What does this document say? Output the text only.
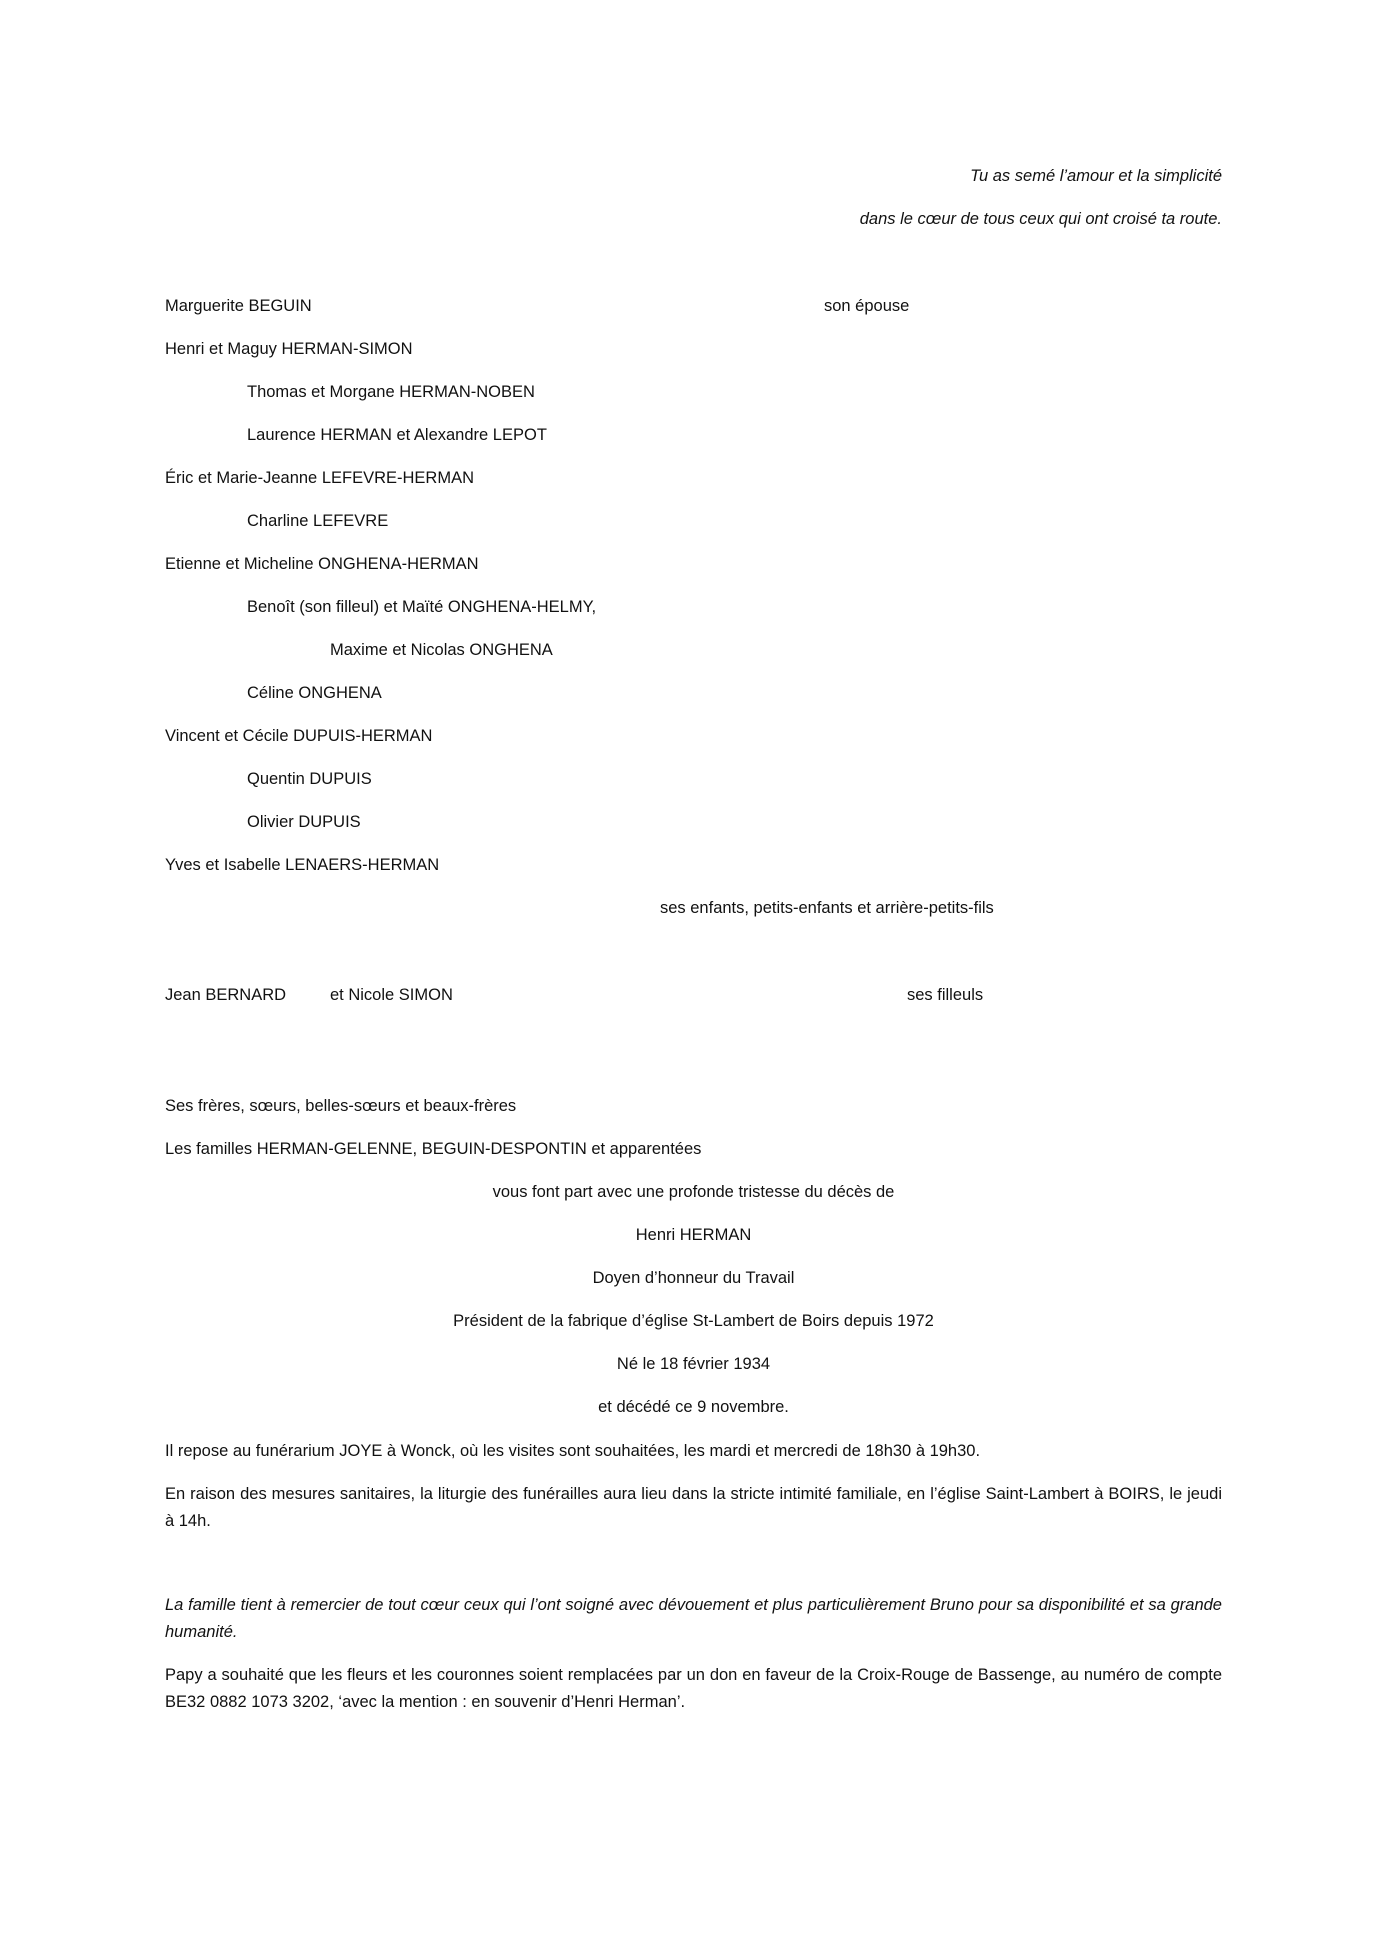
Tu as semé l’amour et la simplicité
dans le cœur de tous ceux qui ont croisé ta route.
Marguerite BEGUIN	son épouse
Henri et Maguy HERMAN-SIMON
Thomas et Morgane HERMAN-NOBEN
Laurence HERMAN et Alexandre LEPOT
Éric et Marie-Jeanne LEFEVRE-HERMAN
Charline LEFEVRE
Etienne et Micheline ONGHENA-HERMAN
Benoît (son filleul) et Maïté ONGHENA-HELMY,
Maxime et Nicolas ONGHENA
Céline ONGHENA
Vincent et Cécile DUPUIS-HERMAN
Quentin DUPUIS
Olivier DUPUIS
Yves et Isabelle LENAERS-HERMAN
ses enfants, petits-enfants et arrière-petits-fils
Jean BERNARD	et Nicole SIMON	ses filleuls
Ses frères, sœurs, belles-sœurs et beaux-frères
Les familles HERMAN-GELENNE, BEGUIN-DESPONTIN et apparentées
vous font part avec une profonde tristesse du décès de
Henri HERMAN
Doyen d’honneur du Travail
Président de la fabrique d’église St-Lambert de Boirs depuis 1972
Né le 18 février 1934
et décédé ce 9 novembre.
Il repose au funérarium JOYE à Wonck, où les visites sont souhaitées, les mardi et mercredi de 18h30 à 19h30.
En raison des mesures sanitaires, la liturgie des funérailles aura lieu dans la stricte intimité familiale, en l’église Saint-Lambert à BOIRS, le jeudi à 14h.
La famille tient à remercier de tout cœur ceux qui l’ont soigné avec dévouement et plus particulièrement Bruno pour sa disponibilité et sa grande humanité.
Papy a souhaité que les fleurs et les couronnes soient remplacées par un don en faveur de la Croix-Rouge de Bassenge, au numéro de compte BE32 0882 1073 3202, ‘avec la mention : en souvenir d’Henri Herman’.
